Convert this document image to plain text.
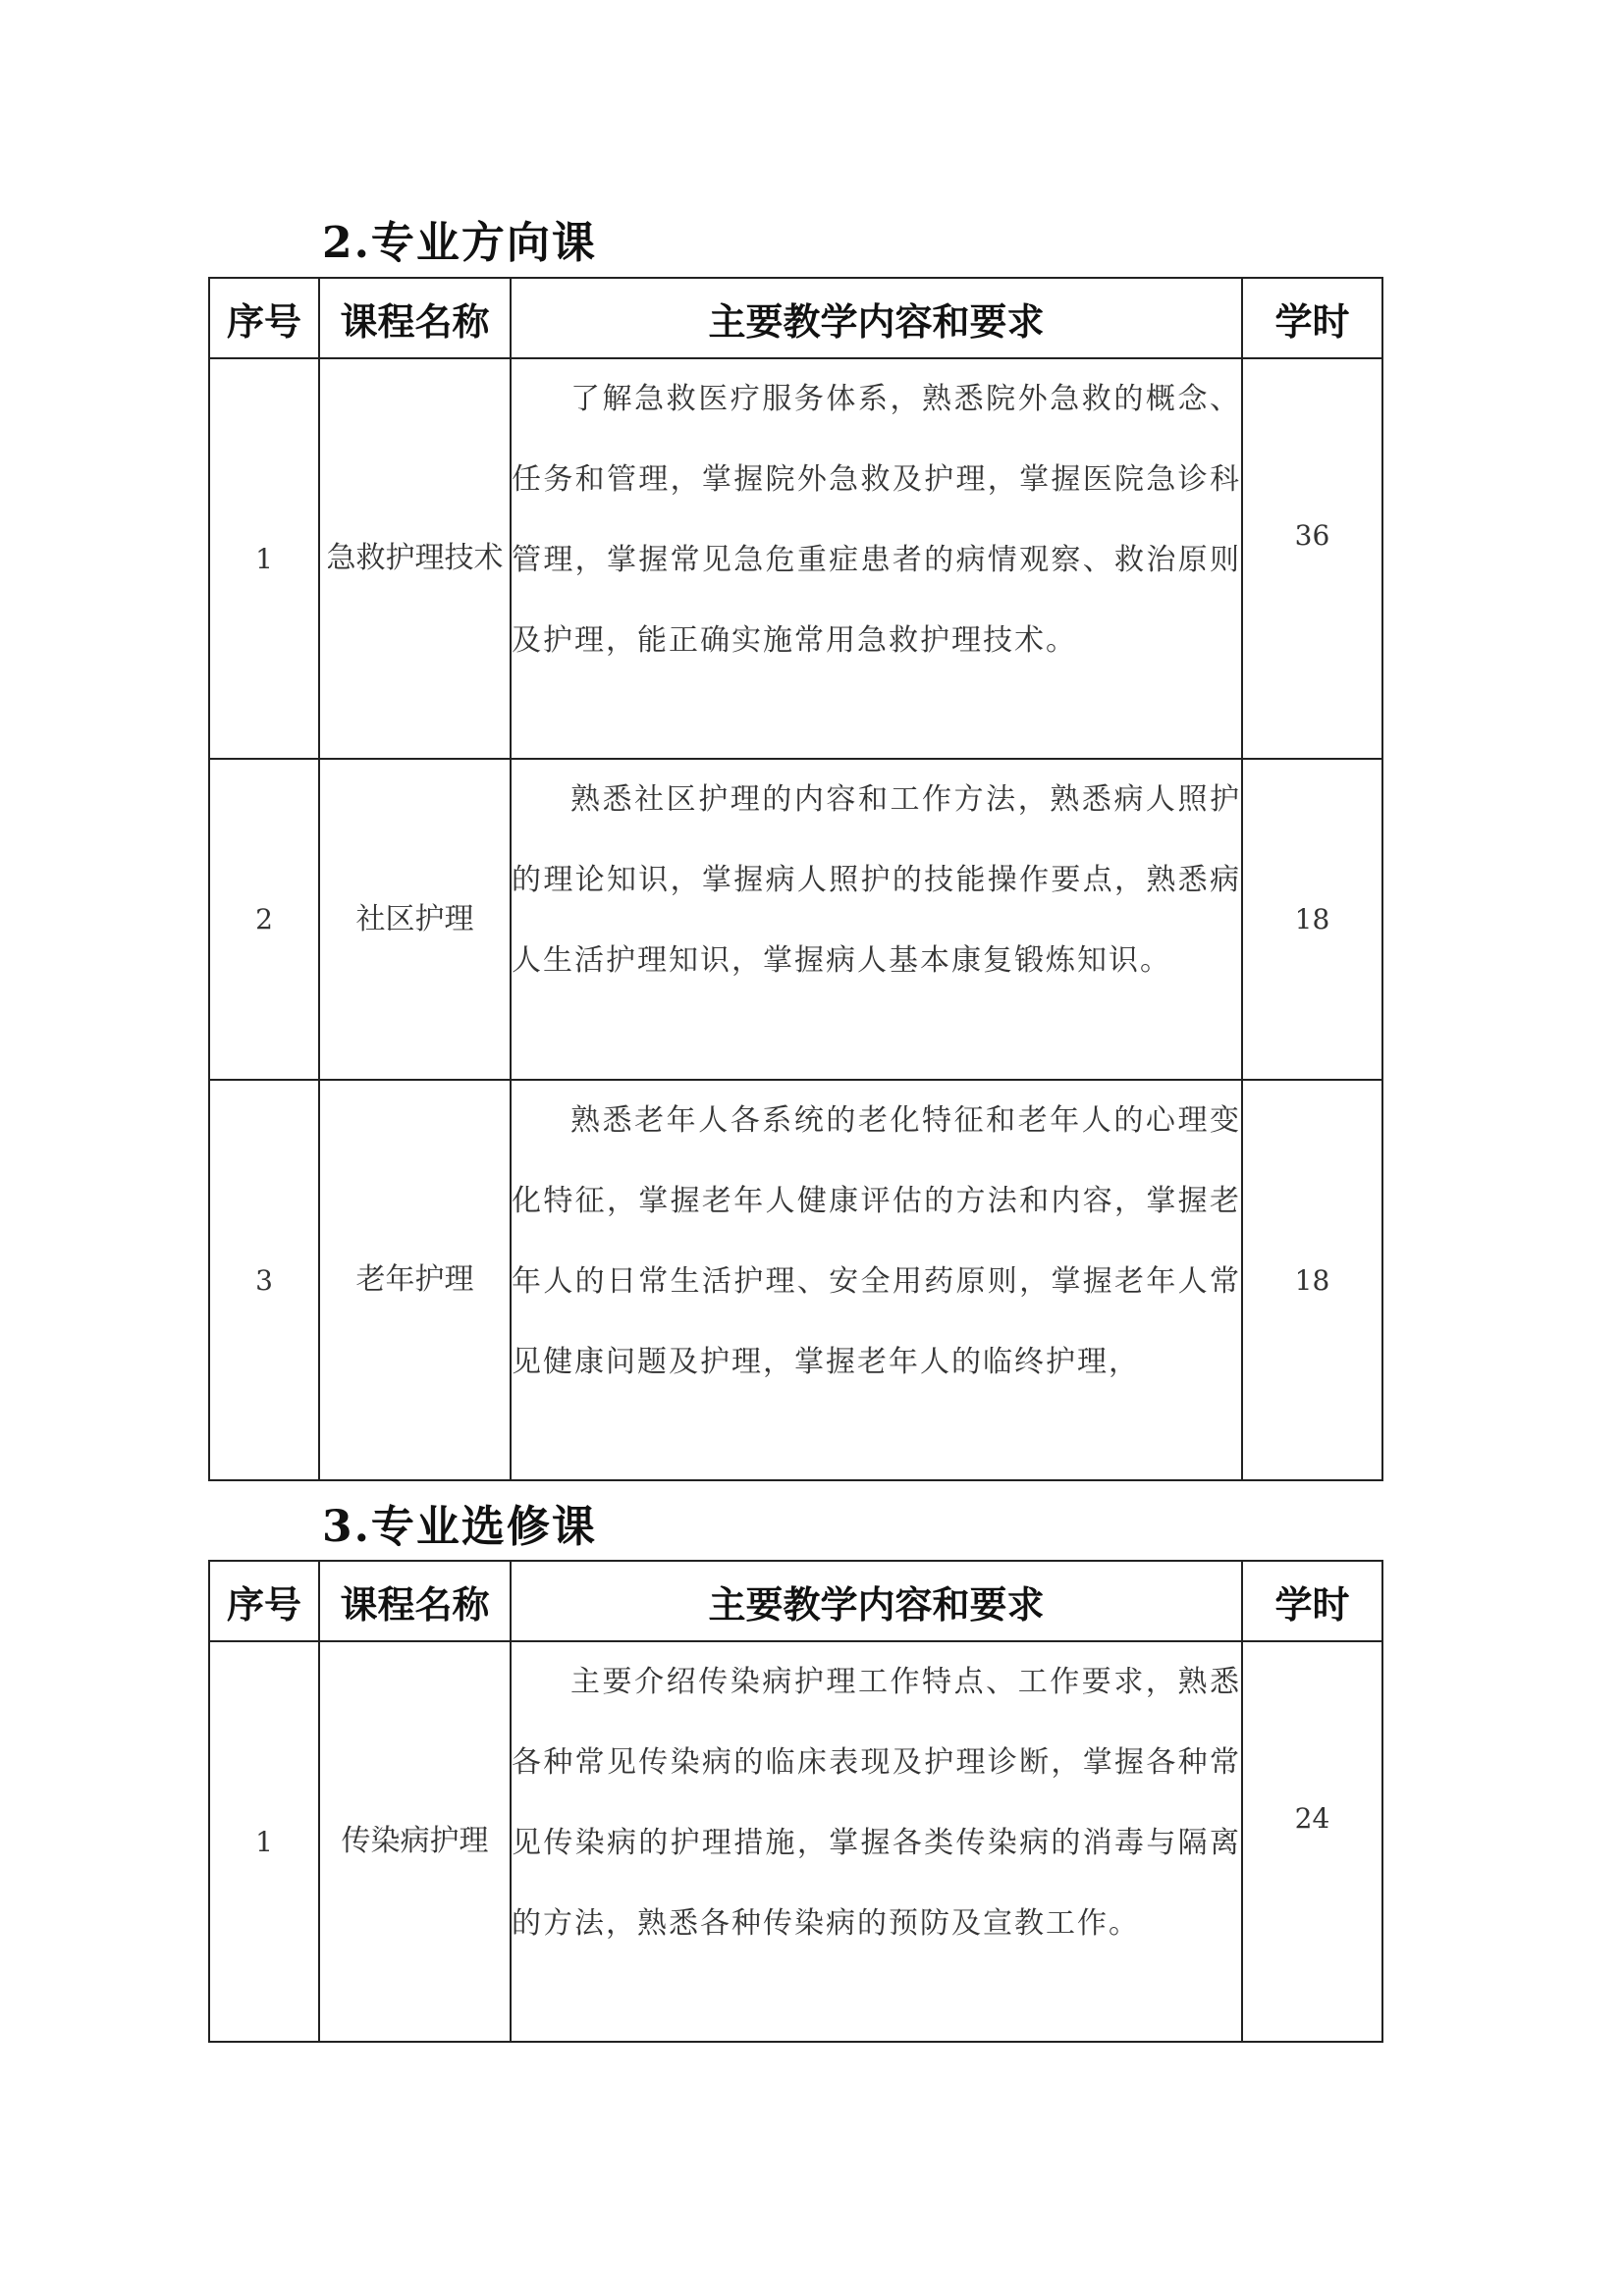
2.专业方向课
序号	课程名称	主要教学内容和要求	学时
1	急救护理技术	了解急救医疗服务体系，熟悉院外急救的概念、任务和管理，掌握院外急救及护理，掌握医院急诊科管理，掌握常见急危重症患者的病情观察、救治原则及护理，能正确实施常用急救护理技术。	36
2	社区护理	熟悉社区护理的内容和工作方法，熟悉病人照护的理论知识，掌握病人照护的技能操作要点，熟悉病人生活护理知识，掌握病人基本康复锻炼知识。	18
3	老年护理	熟悉老年人各系统的老化特征和老年人的心理变化特征，掌握老年人健康评估的方法和内容，掌握老年人的日常生活护理、安全用药原则，掌握老年人常见健康问题及护理，掌握老年人的临终护理，	18
3.专业选修课
序号	课程名称	主要教学内容和要求	学时
1	传染病护理	主要介绍传染病护理工作特点、工作要求，熟悉各种常见传染病的临床表现及护理诊断，掌握各种常见传染病的护理措施，掌握各类传染病的消毒与隔离的方法，熟悉各种传染病的预防及宣教工作。	24
